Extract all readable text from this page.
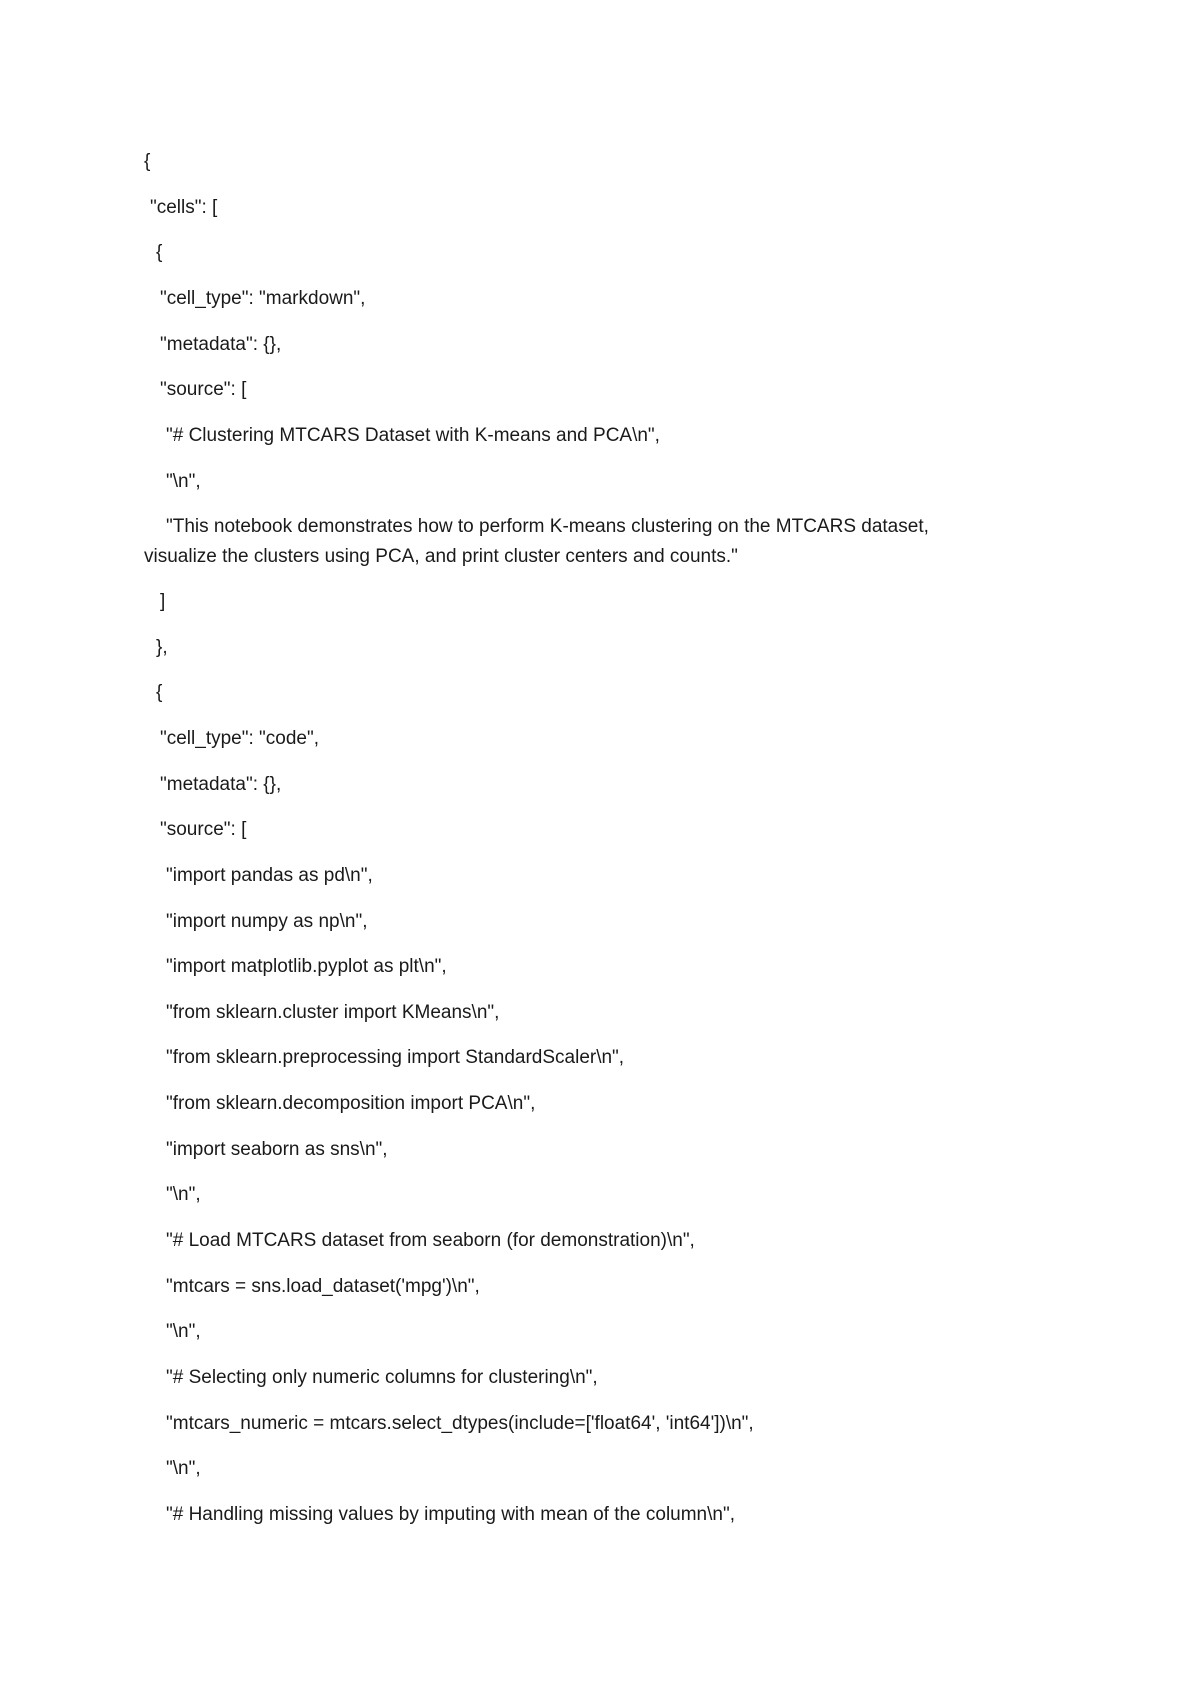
{
"cells": [
{
"cell_type": "markdown",
"metadata": {},
"source": [
"# Clustering MTCARS Dataset with K-means and PCA\n",
"\n",
"This notebook demonstrates how to perform K-means clustering on the MTCARS dataset,
visualize the clusters using PCA, and print cluster centers and counts."
]
},
{
"cell_type": "code",
"metadata": {},
"source": [
"import pandas as pd\n",
"import numpy as np\n",
"import matplotlib.pyplot as plt\n",
"from sklearn.cluster import KMeans\n",
"from sklearn.preprocessing import StandardScaler\n",
"from sklearn.decomposition import PCA\n",
"import seaborn as sns\n",
"\n",
"# Load MTCARS dataset from seaborn (for demonstration)\n",
"mtcars = sns.load_dataset('mpg')\n",
"\n",
"# Selecting only numeric columns for clustering\n",
"mtcars_numeric = mtcars.select_dtypes(include=['float64', 'int64'])\n",
"\n",
"# Handling missing values by imputing with mean of the column\n",
